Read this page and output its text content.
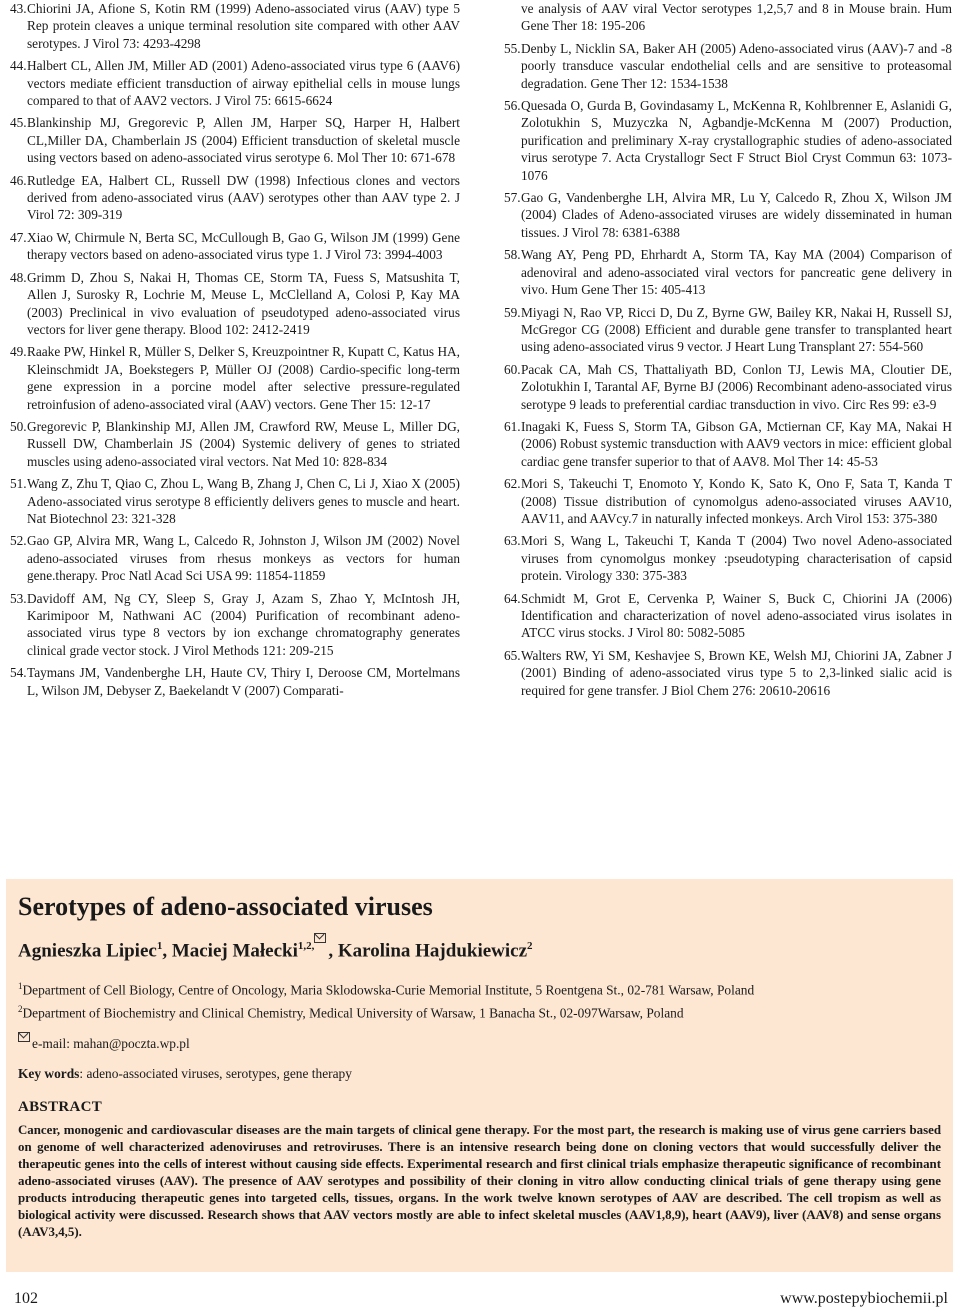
43. Chiorini JA, Afione S, Kotin RM (1999) Adeno-associated virus (AAV) type 5 Rep protein cleaves a unique terminal resolution site compared with other AAV serotypes. J Virol 73: 4293-4298
44. Halbert CL, Allen JM, Miller AD (2001) Adeno-associated virus type 6 (AAV6) vectors mediate efficient transduction of airway epithelial cells in mouse lungs compared to that of AAV2 vectors. J Virol 75: 6615-6624
45. Blankinship MJ, Gregorevic P, Allen JM, Harper SQ, Harper H, Halbert CL,Miller DA, Chamberlain JS (2004) Efficient transduction of skeletal muscle using vectors based on adeno-associated virus serotype 6. Mol Ther 10: 671-678
46. Rutledge EA, Halbert CL, Russell DW (1998) Infectious clones and vectors derived from adeno-associated virus (AAV) serotypes other than AAV type 2. J Virol 72: 309-319
47. Xiao W, Chirmule N, Berta SC, McCullough B, Gao G, Wilson JM (1999) Gene therapy vectors based on adeno-associated virus type 1. J Virol 73: 3994-4003
48. Grimm D, Zhou S, Nakai H, Thomas CE, Storm TA, Fuess S, Matsushita T, Allen J, Surosky R, Lochrie M, Meuse L, McClelland A, Colosi P, Kay MA (2003) Preclinical in vivo evaluation of pseudotyped adeno-associated virus vectors for liver gene therapy. Blood 102: 2412-2419
49. Raake PW, Hinkel R, Müller S, Delker S, Kreuzpointner R, Kupatt C, Katus HA, Kleinschmidt JA, Boekstegers P, Müller OJ (2008) Cardio-specific long-term gene expression in a porcine model after selective pressure-regulated retroinfusion of adeno-associated viral (AAV) vectors. Gene Ther 15: 12-17
50. Gregorevic P, Blankinship MJ, Allen JM, Crawford RW, Meuse L, Miller DG, Russell DW, Chamberlain JS (2004) Systemic delivery of genes to striated muscles using adeno-associated viral vectors. Nat Med 10: 828-834
51. Wang Z, Zhu T, Qiao C, Zhou L, Wang B, Zhang J, Chen C, Li J, Xiao X (2005) Adeno-associated virus serotype 8 efficiently delivers genes to muscle and heart. Nat Biotechnol 23: 321-328
52. Gao GP, Alvira MR, Wang L, Calcedo R, Johnston J, Wilson JM (2002) Novel adeno-associated viruses from rhesus monkeys as vectors for human gene.therapy. Proc Natl Acad Sci USA 99: 11854-11859
53. Davidoff AM, Ng CY, Sleep S, Gray J, Azam S, Zhao Y, McIntosh JH, Karimipoor M, Nathwani AC (2004) Purification of recombinant adeno-associated virus type 8 vectors by ion exchange chromatography generates clinical grade vector stock. J Virol Methods 121: 209-215
54. Taymans JM, Vandenberghe LH, Haute CV, Thiry I, Deroose CM, Mortelmans L, Wilson JM, Debyser Z, Baekelandt V (2007) Comparati-
ve analysis of AAV viral Vector serotypes 1,2,5,7 and 8 in Mouse brain. Hum Gene Ther 18: 195-206
55. Denby L, Nicklin SA, Baker AH (2005) Adeno-associated virus (AAV)-7 and -8 poorly transduce vascular endothelial cells and are sensitive to proteasomal degradation. Gene Ther 12: 1534-1538
56. Quesada O, Gurda B, Govindasamy L, McKenna R, Kohlbrenner E, Aslanidi G, Zolotukhin S, Muzyczka N, Agbandje-McKenna M (2007) Production, purification and preliminary X-ray crystallographic studies of adeno-associated virus serotype 7. Acta Crystallogr Sect F Struct Biol Cryst Commun 63: 1073-1076
57. Gao G, Vandenberghe LH, Alvira MR, Lu Y, Calcedo R, Zhou X, Wilson JM (2004) Clades of Adeno-associated viruses are widely disseminated in human tissues. J Virol 78: 6381-6388
58. Wang AY, Peng PD, Ehrhardt A, Storm TA, Kay MA (2004) Comparison of adenoviral and adeno-associated viral vectors for pancreatic gene delivery in vivo. Hum Gene Ther 15: 405-413
59. Miyagi N, Rao VP, Ricci D, Du Z, Byrne GW, Bailey KR, Nakai H, Russell SJ, McGregor CG (2008) Efficient and durable gene transfer to transplanted heart using adeno-associated virus 9 vector. J Heart Lung Transplant 27: 554-560
60. Pacak CA, Mah CS, Thattaliyath BD, Conlon TJ, Lewis MA, Cloutier DE, Zolotukhin I, Tarantal AF, Byrne BJ (2006) Recombinant adeno-associated virus serotype 9 leads to preferential cardiac transduction in vivo. Circ Res 99: e3-9
61. Inagaki K, Fuess S, Storm TA, Gibson GA, Mctiernan CF, Kay MA, Nakai H (2006) Robust systemic transduction with AAV9 vectors in mice: efficient global cardiac gene transfer superior to that of AAV8. Mol Ther 14: 45-53
62. Mori S, Takeuchi T, Enomoto Y, Kondo K, Sato K, Ono F, Sata T, Kanda T (2008) Tissue distribution of cynomolgus adeno-associated viruses AAV10, AAV11, and AAVcy.7 in naturally infected monkeys. Arch Virol 153: 375-380
63. Mori S, Wang L, Takeuchi T, Kanda T (2004) Two novel Adeno-associated viruses from cynomolgus monkey :pseudotyping characterisation of capsid protein. Virology 330: 375-383
64. Schmidt M, Grot E, Cervenka P, Wainer S, Buck C, Chiorini JA (2006) Identification and characterization of novel adeno-associated virus isolates in ATCC virus stocks. J Virol 80: 5082-5085
65. Walters RW, Yi SM, Keshavjee S, Brown KE, Welsh MJ, Chiorini JA, Zabner J (2001) Binding of adeno-associated virus type 5 to 2,3-linked sialic acid is required for gene transfer. J Biol Chem 276: 20610-20616
Serotypes of adeno-associated viruses
Agnieszka Lipiec$^1$, Maciej Małecki$^{1,2,}$ , Karolina Hajdukiewicz$^2$

$^1$Department of Cell Biology, Centre of Oncology, Maria Sklodowska-Curie Memorial Institute, 5 Roentgena St., 02-781 Warsaw, Poland

$^2$Department of Biochemistry and Clinical Chemistry, Medical University of Warsaw, 1 Banacha St., 02-097Warsaw, Poland

e-mail: mahan@poczta.wp.pl

Key words: adeno-associated viruses, serotypes, gene therapy

ABSTRACT

Cancer, monogenic and cardiovascular diseases are the main targets of clinical gene therapy. For the most part, the research is making use of virus gene carriers based on genome of well characterized adenoviruses and retroviruses. There is an intensive research being done on cloning vectors that would successfully deliver the therapeutic genes into the cells of interest without causing side effects. Experimental research and first clinical trials emphasize therapeutic significance of recombinant adeno-associated viruses (AAV). The presence of AAV serotypes and possibility of their cloning in vitro allow conducting clinical trials of gene therapy using gene products introducing therapeutic genes into targeted cells, tissues, organs. In the work twelve known serotypes of AAV are described. The cell tropism as well as biological activity were discussed. Research shows that AAV vectors mostly are able to infect skeletal muscles (AAV1,8,9), heart (AAV9), liver (AAV8) and sense organs (AAV3,4,5).

102	www.postepybiochemii.pl
